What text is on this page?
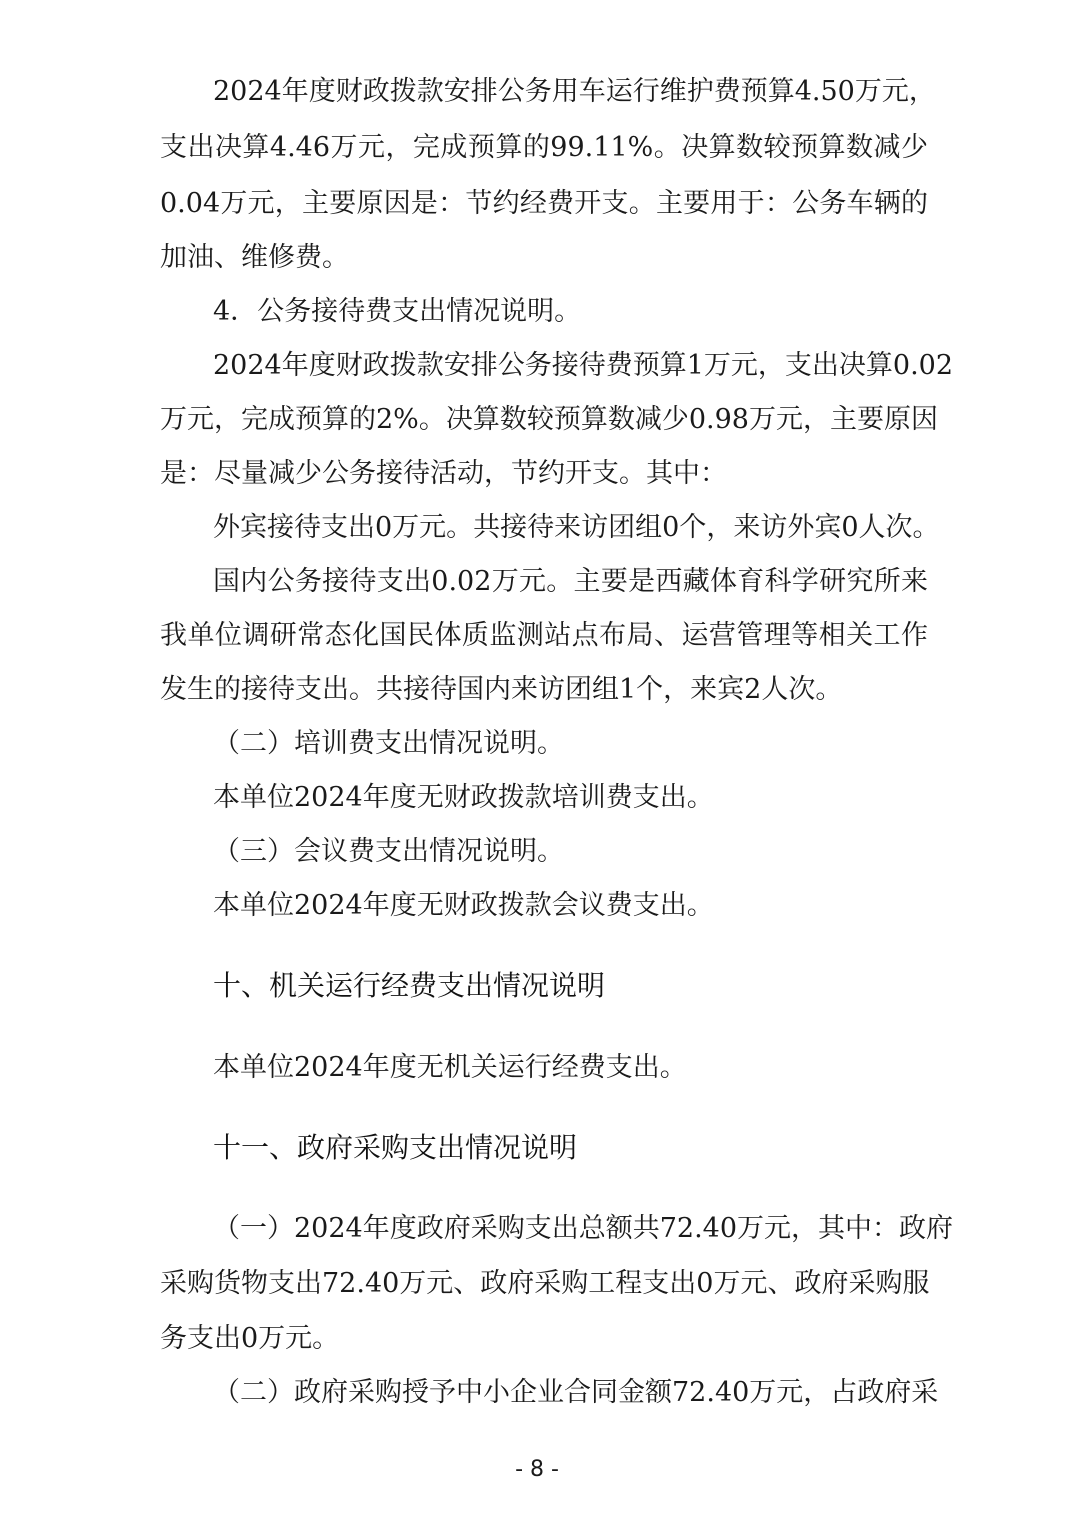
2024年度财政拨款安排公务用车运行维护费预算4.50万元，
支出决算4.46万元，完成预算的99.11%。决算数较预算数减少
0.04万元，主要原因是：节约经费开支。主要用于：公务车辆的
加油、维修费。
4．公务接待费支出情况说明。
2024年度财政拨款安排公务接待费预算1万元，支出决算0.02
万元，完成预算的2%。决算数较预算数减少0.98万元，主要原因
是：尽量减少公务接待活动，节约开支。其中：
外宾接待支出0万元。共接待来访团组0个，来访外宾0人次。
国内公务接待支出0.02万元。主要是西藏体育科学研究所来
我单位调研常态化国民体质监测站点布局、运营管理等相关工作
发生的接待支出。共接待国内来访团组1个，来宾2人次。
（二）培训费支出情况说明。
本单位2024年度无财政拨款培训费支出。
（三）会议费支出情况说明。
本单位2024年度无财政拨款会议费支出。
十、机关运行经费支出情况说明
本单位2024年度无机关运行经费支出。
十一、政府采购支出情况说明
（一）2024年度政府采购支出总额共72.40万元，其中：政府
采购货物支出72.40万元、政府采购工程支出0万元、政府采购服
务支出0万元。
（二）政府采购授予中小企业合同金额72.40万元，占政府采
- 8 -
